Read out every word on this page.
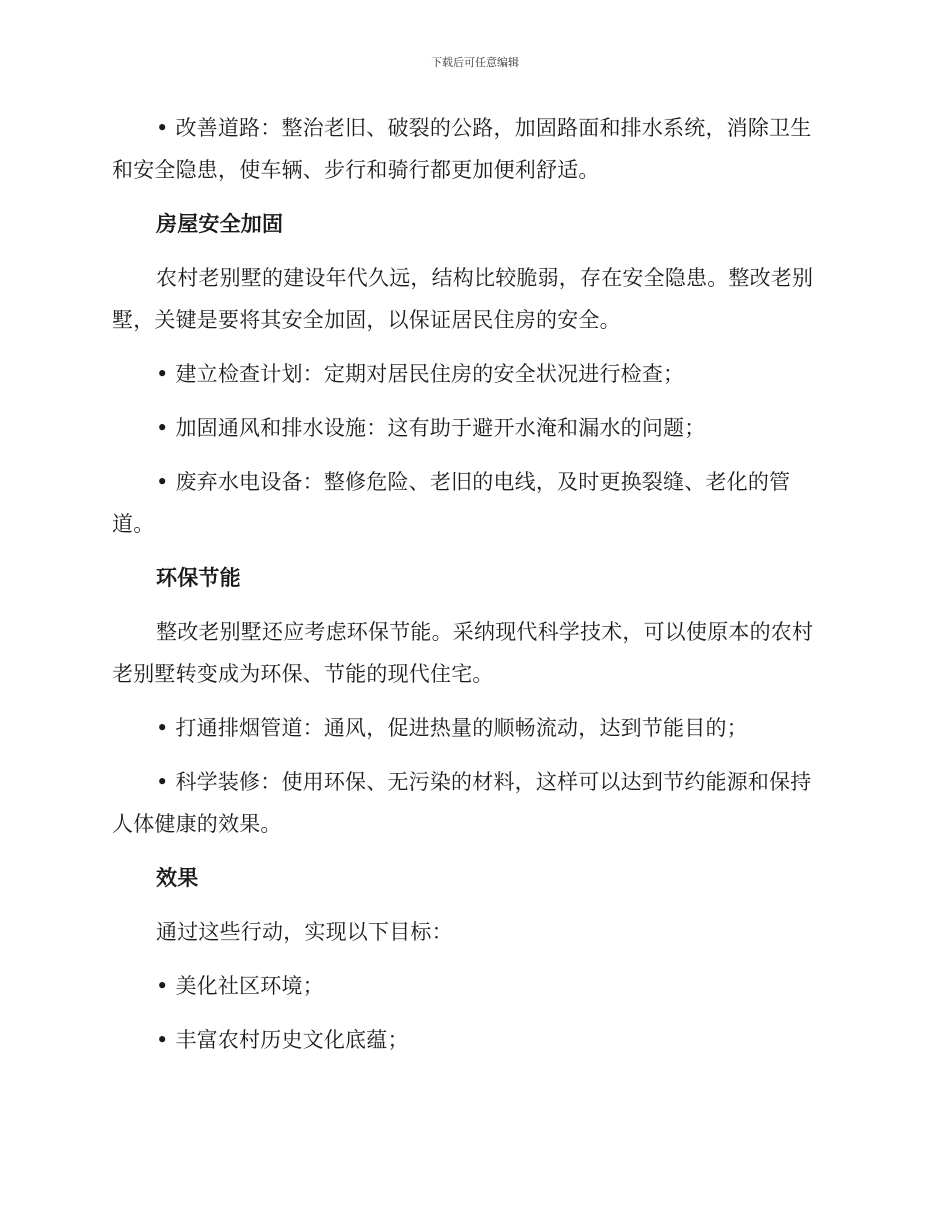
下载后可任意编辑

• 改善道路：整治老旧、破裂的公路，加固路面和排水系统，消除卫生和安全隐患，使车辆、步行和骑行都更加便利舒适。

房屋安全加固

农村老别墅的建设年代久远，结构比较脆弱，存在安全隐患。整改老别墅，关键是要将其安全加固，以保证居民住房的安全。

• 建立检查计划：定期对居民住房的安全状况进行检查；

• 加固通风和排水设施：这有助于避开水淹和漏水的问题；

• 废弃水电设备：整修危险、老旧的电线，及时更换裂缝、老化的管道。

环保节能

整改老别墅还应考虑环保节能。采纳现代科学技术，可以使原本的农村老别墅转变成为环保、节能的现代住宅。

• 打通排烟管道：通风，促进热量的顺畅流动，达到节能目的；

• 科学装修：使用环保、无污染的材料，这样可以达到节约能源和保持人体健康的效果。

效果

通过这些行动，实现以下目标：

• 美化社区环境；

• 丰富农村历史文化底蕴；
